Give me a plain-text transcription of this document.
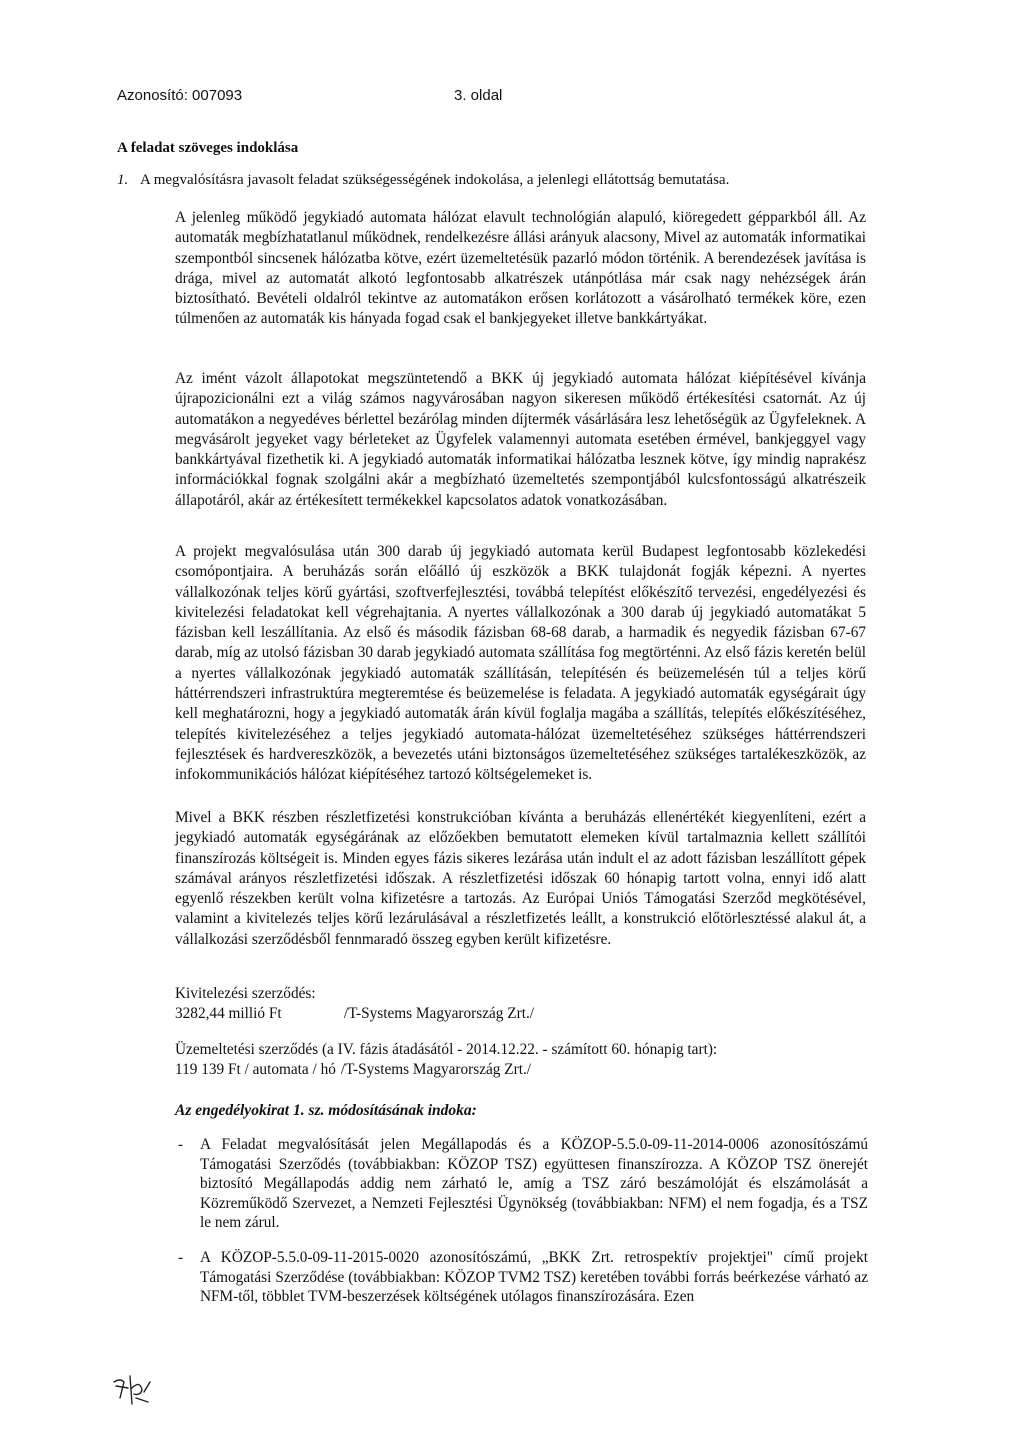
Azonosító: 007093	3. oldal
A feladat szöveges indoklása
1. A megvalósításra javasolt feladat szükségességének indokolása, a jelenlegi ellátottság bemutatása.

A jelenleg működő jegykiadó automata hálózat elavult technológián alapuló, kiöregedett gépparkból áll. Az automaták megbízhatatlanul működnek, rendelkezésre állási arányuk alacsony, Mivel az automaták informatikai szempontból sincsenek hálózatba kötve, ezért üzemeltetésük pazarló módon történik. A berendezések javítása is drága, mivel az automatát alkotó legfontosabb alkatrészek utánpótlása már csak nagy nehézségek árán biztosítható. Bevételi oldalról tekintve az automatákon erősen korlátozott a vásárolható termékek köre, ezen túlmenően az automaták kis hányada fogad csak el bankjegyeket illetve bankkártyákat.

Az imént vázolt állapotokat megszüntetendő a BKK új jegykiadó automata hálózat kiépítésével kívánja újrapozicionálni ezt a világ számos nagyvárosában nagyon sikeresen működő értékesítési csatornát. Az új automatákon a negyedéves bérlettel bezárólag minden díjtermék vásárlására lesz lehetőségük az Ügyfeleknek. A megvásárolt jegyeket vagy bérleteket az Ügyfelek valamennyi automata esetében érmével, bankjeggyel vagy bankkártyával fizethetik ki. A jegykiadó automaták informatikai hálózatba lesznek kötve, így mindig naprakész információkkal fognak szolgálni akár a megbízható üzemeltetés szempontjából kulcsfontosságú alkatrészeik állapotáról, akár az értékesített termékekkel kapcsolatos adatok vonatkozásában.

A projekt megvalósulása után 300 darab új jegykiadó automata kerül Budapest legfontosabb közlekedési csomópontjaira. A beruházás során előálló új eszközök a BKK tulajdonát fogják képezni. A nyertes vállalkozónak teljes körű gyártási, szoftverfejlesztési, továbbá telepítést előkészítő tervezési, engedélyezési és kivitelezési feladatokat kell végrehajtania. A nyertes vállalkozónak a 300 darab új jegykiadó automatákat 5 fázisban kell leszállítania. Az első és második fázisban 68-68 darab, a harmadik és negyedik fázisban 67-67 darab, míg az utolsó fázisban 30 darab jegykiadó automata szállítása fog megtörténni. Az első fázis keretén belül a nyertes vállalkozónak jegykiadó automaták szállításán, telepítésén és beüzemelésén túl a teljes körű háttérrendszeri infrastruktúra megteremtése és beüzemelése is feladata. A jegykiadó automaták egységárait úgy kell meghatározni, hogy a jegykiadó automaták árán kívül foglalja magába a szállítás, telepítés előkészítéséhez, telepítés kivitelezéséhez a teljes jegykiadó automata-hálózat üzemeltetéséhez szükséges háttérrendszeri fejlesztések és hardvereszközök, a bevezetés utáni biztonságos üzemeltetéséhez szükséges tartalékeszközök, az infokommunikációs hálózat kiépítéséhez tartozó költségelemeket is.

Mivel a BKK részben részletfizetési konstrukcióban kívánta a beruházás ellenértékét kiegyenlíteni, ezért a jegykiadó automaták egységárának az előzőekben bemutatott elemeken kívül tartalmaznia kellett szállítói finanszírozás költségeit is. Minden egyes fázis sikeres lezárása után indult el az adott fázisban leszállított gépek számával arányos részletfizetési időszak. A részletfizetési időszak 60 hónapig tartott volna, ennyi idő alatt egyenlő részekben került volna kifizetésre a tartozás. Az Európai Uniós Támogatási Szerződ megkötésével, valamint a kivitelezés teljes körű lezárulásával a részletfizetés leállt, a konstrukció előtörlesztéssé alakul át, a vállalkozási szerződésből fennmaradó összeg egyben került kifizetésre.

Kivitelezési szerződés:
3282,44 millió Ft	/T-Systems Magyarország Zrt./
Üzemeltetési szerződés (a IV. fázis átadásától - 2014.12.22. - számított 60. hónapig tart):
119 139 Ft / automata / hó /T-Systems Magyarország Zrt./
Az engedélyokirat 1. sz. módosításának indoka:
- A Feladat megvalósítását jelen Megállapodás és a KÖZOP-5.5.0-09-11-2014-0006 azonosítószámú Támogatási Szerződés (továbbiakban: KÖZOP TSZ) együttesen finanszírozza. A KÖZOP TSZ önerejét biztosító Megállapodás addig nem zárható le, amíg a TSZ záró beszámolóját és elszámolását a Közreműködő Szervezet, a Nemzeti Fejlesztési Ügynökség (továbbiakban: NFM) el nem fogadja, és a TSZ le nem zárul.
- A KÖZOP-5.5.0-09-11-2015-0020 azonosítószámú, „BKK Zrt. retrospektív projektjei" című projekt Támogatási Szerződése (továbbiakban: KÖZOP TVM2 TSZ) keretében további forrás beérkezése várható az NFM-től, többlet TVM-beszerzések költségének utólagos finanszírozására. Ezen
